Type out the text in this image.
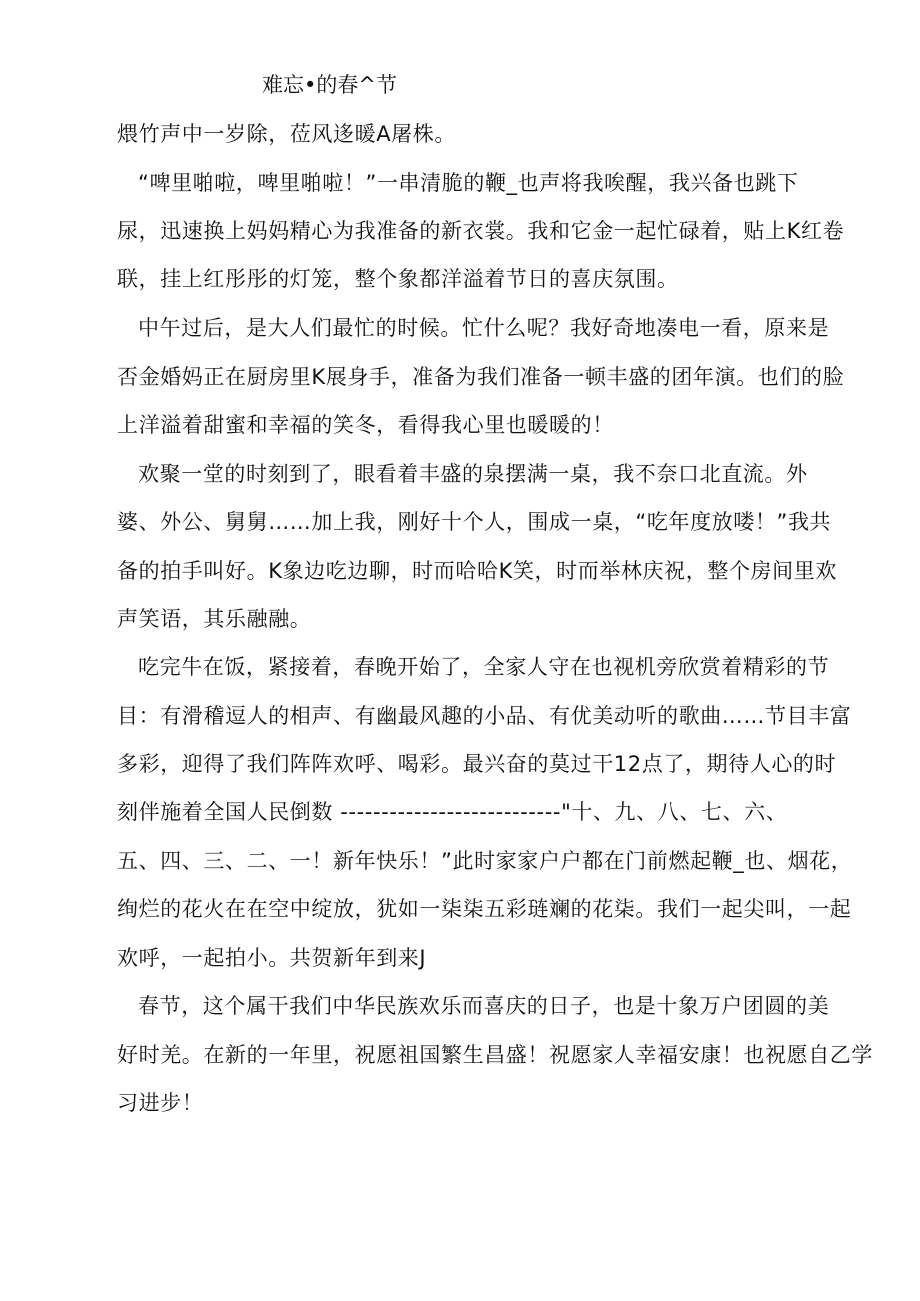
难忘•的春^节
煨竹声中一岁除，莅风迻暖A屠株。
“啤里啪啦，啤里啪啦！”一串清脆的鞭_也声将我唉醒，我兴备也跳下
尿，迅速换上妈妈精心为我准备的新衣裳。我和它金一起忙碌着，贴上K红卷
联，挂上红彤彤的灯笼，整个象都洋溢着节日的喜庆氛围。
中午过后，是大人们最忙的时候。忙什么呢？我好奇地凑电一看，原来是
否金婚妈正在厨房里K展身手，准备为我们准备一顿丰盛的团年演。也们的脸
上洋溢着甜蜜和幸福的笑冬，看得我心里也暖暖的！
欢聚一堂的时刻到了，眼看着丰盛的泉摆满一桌，我不奈口北直流。外
婆、外公、舅舅……加上我，刚好十个人，围成一桌，“吃年度放喽！”我共
备的拍手叫好。K象边吃边聊，时而哈哈K笑，时而举林庆祝，整个房间里欢
声笑语，其乐融融。
吃完牛在饭，紧接着，春晚开始了，全家人守在也视机旁欣赏着精彩的节
目：有滑稽逗人的相声、有幽最风趣的小品、有优美动听的歌曲……节目丰富
多彩，迎得了我们阵阵欢呼、喝彩。最兴奋的莫过干12点了，期待人心的时
刻伴施着全国人民倒数 ---------------------------"十、九、八、七、六、
五、四、三、二、一！新年快乐！”此时家家户户都在门前燃起鞭_也、烟花，
绚烂的花火在在空中绽放，犹如一柒柒五彩琏斓的花柒。我们一起尖叫，一起
欢呼，一起拍小。共贺新年到来J
春节，这个属干我们中华民族欢乐而喜庆的日子，也是十象万户团圆的美
好时羌。在新的一年里，祝愿祖国繁生昌盛！祝愿家人幸福安康！也祝愿自乙学
习进步！
